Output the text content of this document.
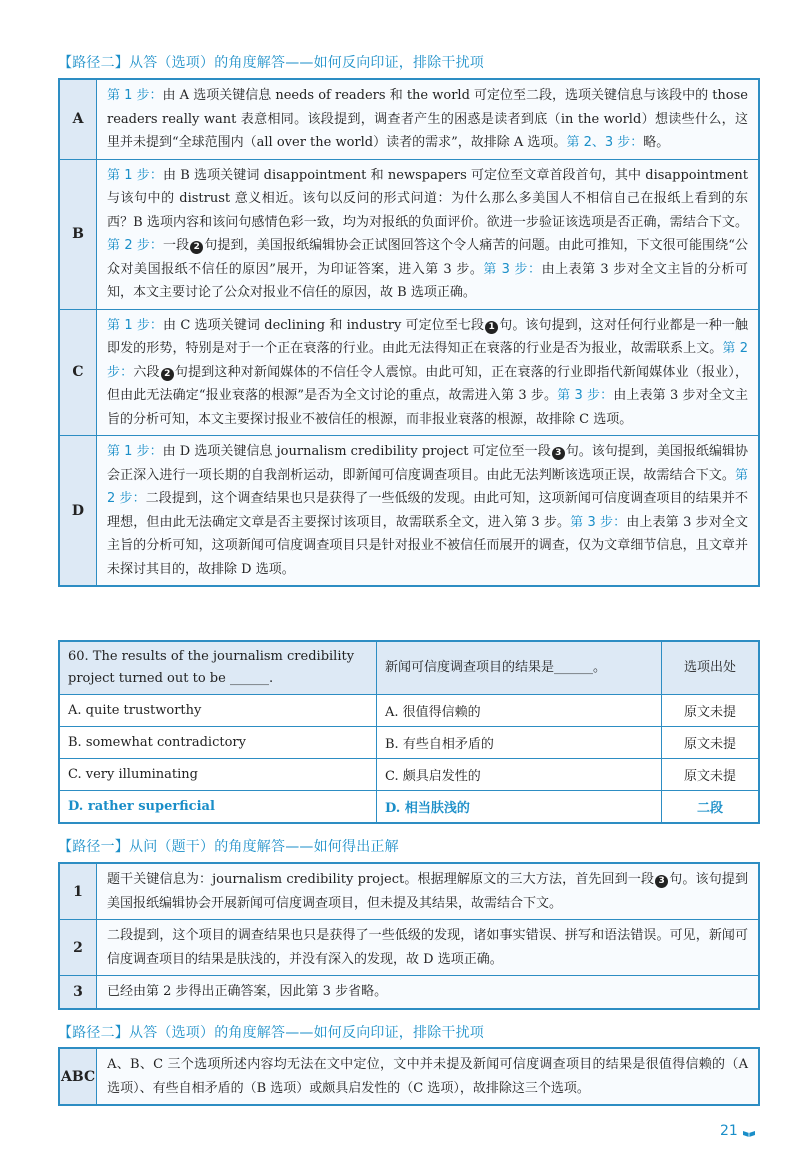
【路径二】从答（选项）的角度解答——如何反向印证，排除干扰项
A	第 1 步：由 A 选项关键信息 needs of readers 和 the world 可定位至二段，选项关键信息与该段中的 those readers really want 表意相同。该段提到，调查者产生的困惑是读者到底（in the world）想读些什么，这里并未提到“全球范围内（all over the world）读者的需求”，故排除 A 选项。第 2、3 步：略。
B	第 1 步：由 B 选项关键词 disappointment 和 newspapers 可定位至文章首段首句，其中 disappointment 与该句中的 distrust 意义相近。该句以反问的形式问道：为什么那么多美国人不相信自己在报纸上看到的东西？B 选项内容和该问句感情色彩一致，均为对报纸的负面评价。欲进一步验证该选项是否正确，需结合下文。第 2 步：一段 2 句提到，美国报纸编辑协会正试图回答这个令人痛苦的问题。由此可推知，下文很可能围绕“公众对美国报纸不信任的原因”展开，为印证答案，进入第 3 步。第 3 步：由上表第 3 步对全文主旨的分析可知，本文主要讨论了公众对报业不信任的原因，故 B 选项正确。
C	第 1 步：由 C 选项关键词 declining 和 industry 可定位至七段 1 句。该句提到，这对任何行业都是一种一触即发的形势，特别是对于一个正在衰落的行业。由此无法得知正在衰落的行业是否为报业，故需联系上文。第 2 步：六段 2 句提到这种对新闻媒体的不信任令人震惊。由此可知，正在衰落的行业即指代新闻媒体业（报业），但由此无法确定“报业衰落的根源”是否为全文讨论的重点，故需进入第 3 步。第 3 步：由上表第 3 步对全文主旨的分析可知，本文主要探讨报业不被信任的根源，而非报业衰落的根源，故排除 C 选项。
D	第 1 步：由 D 选项关键信息 journalism credibility project 可定位至一段 3 句。该句提到，美国报纸编辑协会正深入进行一项长期的自我剖析运动，即新闻可信度调查项目。由此无法判断该选项正误，故需结合下文。第 2 步：二段提到，这个调查结果也只是获得了一些低级的发现。由此可知，这项新闻可信度调查项目的结果并不理想，但由此无法确定文章是否主要探讨该项目，故需联系全文，进入第 3 步。第 3 步：由上表第 3 步对全文主旨的分析可知，这项新闻可信度调查项目只是针对报业不被信任而展开的调查，仅为文章细节信息，且文章并未探讨其目的，故排除 D 选项。
60. The results of the journalism credibility project turned out to be ______.	新闻可信度调查项目的结果是______。	选项出处
A. quite trustworthy	A. 很值得信赖的	原文未提
B. somewhat contradictory	B. 有些自相矛盾的	原文未提
C. very illuminating	C. 颇具启发性的	原文未提
D. rather superficial	D. 相当肤浅的	二段
【路径一】从问（题干）的角度解答——如何得出正解
1	题干关键信息为：journalism credibility project。根据理解原文的三大方法，首先回到一段 3 句。该句提到美国报纸编辑协会开展新闻可信度调查项目，但未提及其结果，故需结合下文。
2	二段提到，这个项目的调查结果也只是获得了一些低级的发现，诸如事实错误、拼写和语法错误。可见，新闻可信度调查项目的结果是肤浅的，并没有深入的发现，故 D 选项正确。
3	已经由第 2 步得出正确答案，因此第 3 步省略。
【路径二】从答（选项）的角度解答——如何反向印证，排除干扰项
ABC	A、B、C 三个选项所述内容均无法在文中定位，文中并未提及新闻可信度调查项目的结果是很值得信赖的（A 选项）、有些自相矛盾的（B 选项）或颇具启发性的（C 选项），故排除这三个选项。
21
